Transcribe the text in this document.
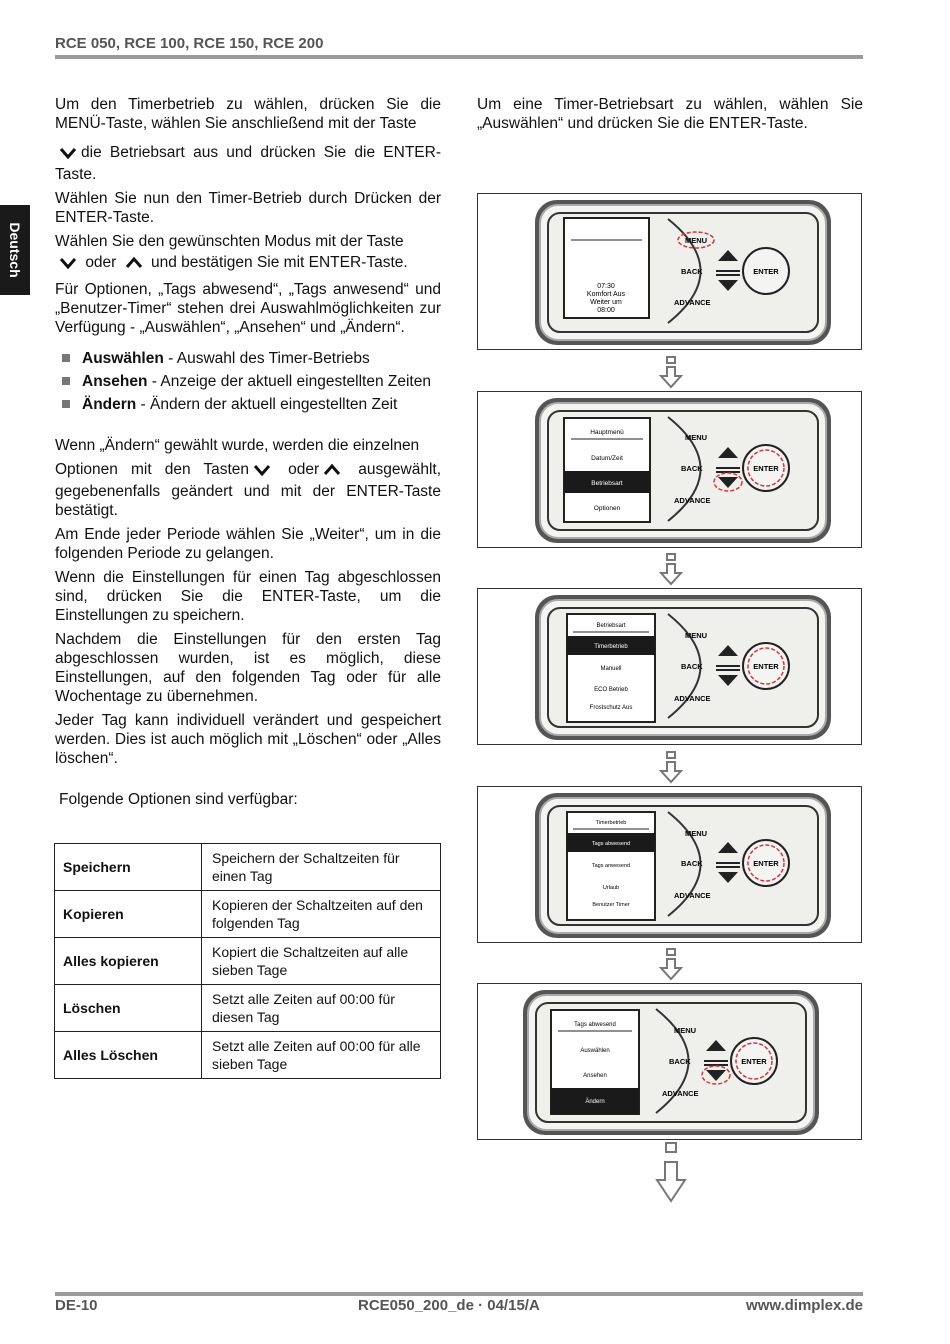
RCE 050, RCE 100, RCE 150, RCE 200
Deutsch

Um den Timerbetrieb zu wählen, drücken Sie die MENÜ-Taste, wählen Sie anschließend mit der Taste

die Betriebsart aus und drücken Sie die ENTER-Taste.

Wählen Sie nun den Timer-Betrieb durch Drücken der ENTER-Taste.

Wählen Sie den gewünschten Modus mit der Taste

oder und bestätigen Sie mit ENTER-Taste.

Für Optionen, „Tags abwesend“, „Tags anwesend“ und „Benutzer-Timer“ stehen drei Auswahlmöglichkeiten zur Verfügung - „Auswählen“, „Ansehen“ und „Ändern“.

Auswählen - Auswahl des Timer-Betriebs
Ansehen - Anzeige der aktuell eingestellten Zeiten
Ändern - Ändern der aktuell eingestellten Zeit

Wenn „Ändern“ gewählt wurde, werden die einzelnen

Optionen mit den Tasten	oder	ausgewählt, gegebenenfalls geändert und mit der ENTER-Taste bestätigt.

Am Ende jeder Periode wählen Sie „Weiter“, um in die folgenden Periode zu gelangen.

Wenn die Einstellungen für einen Tag abgeschlossen sind, drücken Sie die ENTER-Taste, um die Einstellungen zu speichern.

Nachdem die Einstellungen für den ersten Tag abgeschlossen wurden, ist es möglich, diese Einstellungen, auf den folgenden Tag oder für alle Wochentage zu übernehmen.

Jeder Tag kann individuell verändert und gespeichert werden. Dies ist auch möglich mit „Löschen“ oder „Alles löschen“.

Folgende Optionen sind verfügbar:

Speichern	Speichern der Schaltzeiten für einen Tag
Kopieren	Kopieren der Schaltzeiten auf den folgenden Tag
Alles kopieren	Kopiert die Schaltzeiten auf alle sieben Tage
Löschen	Setzt alle Zeiten auf 00:00 für diesen Tag
Alles Löschen	Setzt alle Zeiten auf 00:00 für alle sieben Tage

Um eine Timer-Betriebsart zu wählen, wählen Sie „Auswählen“ und drücken Sie die ENTER-Taste.

07:30
Komfort Aus
Weiter um
08:00
MENU
BACK
ADVANCE
ENTER
Hauptmenü
Datum/Zeit
Betriebsart
Optionen
MENU
BACK
ADVANCE
ENTER
Betriebsart
Timerbetrieb
Manuell
ECO Betrieb
Frostschutz Aus
MENU
BACK
ADVANCE
ENTER
Timerbetrieb
Tags abwesend
Tags anwesend
Urlaub
Benutzer Timer
MENU
BACK
ADVANCE
ENTER
Tags abwesend
Auswählen
Ansehen
Ändern
MENU
BACK
ADVANCE
ENTER
DE-10	RCE050_200_de · 04/15/A	www.dimplex.de
